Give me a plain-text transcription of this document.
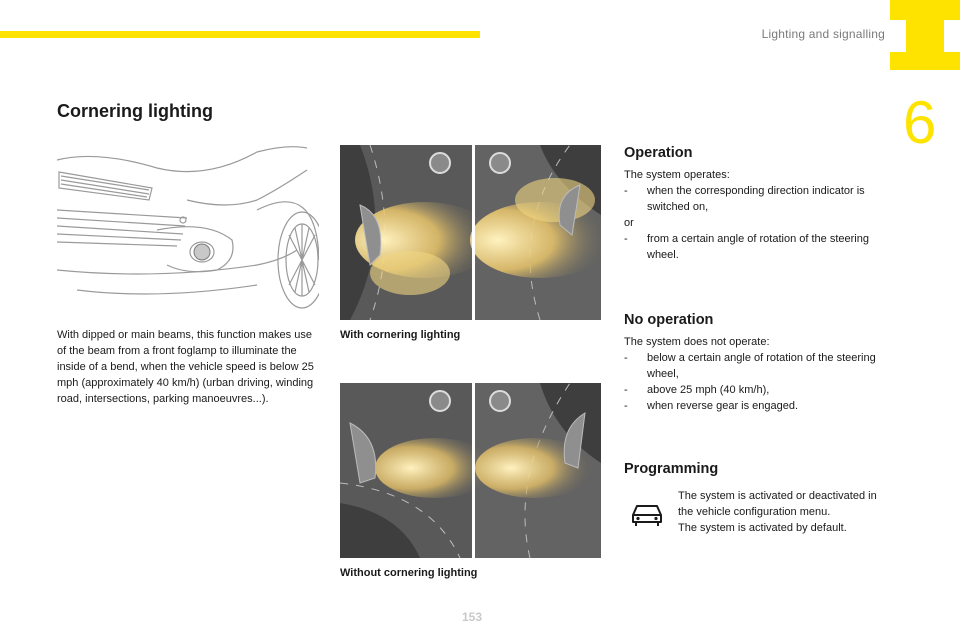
Lighting and signalling
6
Cornering lighting
With dipped or main beams, this function makes use of the beam from a front foglamp to illuminate the inside of a bend, when the vehicle speed is below 25 mph (approximately 40 km/h) (urban driving, winding road, intersections, parking manoeuvres...).
With cornering lighting
Without cornering lighting
Operation
The system operates:
-	when the corresponding direction indicator is switched on,
or
-	from a certain angle of rotation of the steering wheel.
No operation
The system does not operate:
-	below a certain angle of rotation of the steering wheel,
-	above 25 mph (40 km/h),
-	when reverse gear is engaged.
Programming
The system is activated or deactivated in the vehicle configuration menu.
The system is activated by default.
153
